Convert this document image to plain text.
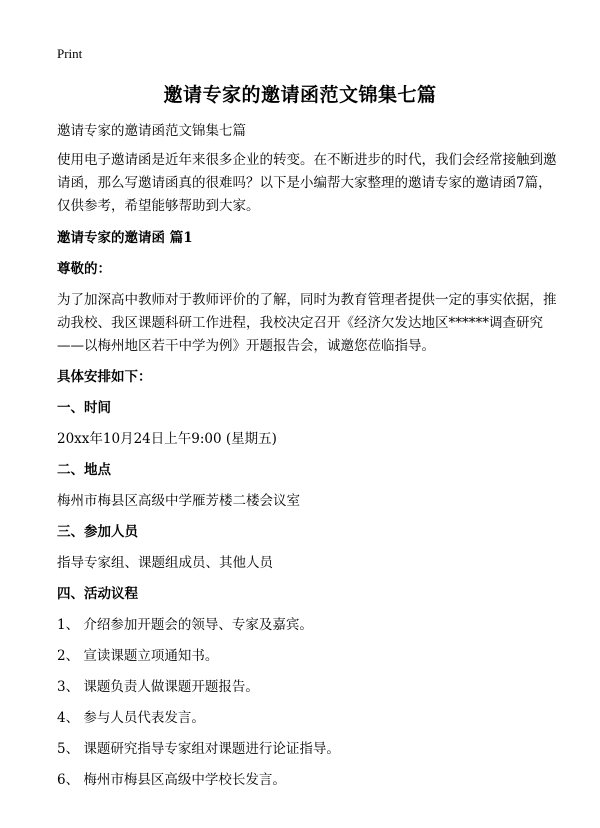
Print
邀请专家的邀请函范文锦集七篇

邀请专家的邀请函范文锦集七篇

使用电子邀请函是近年来很多企业的转变。在不断进步的时代，我们会经常接触到邀请函，那么写邀请函真的很难吗？以下是小编帮大家整理的邀请专家的邀请函7篇，仅供参考，希望能够帮助到大家。

邀请专家的邀请函 篇1

尊敬的：

为了加深高中教师对于教师评价的了解，同时为教育管理者提供一定的事实依据，推动我校、我区课题科研工作进程，我校决定召开《经济欠发达地区******调查研究——以梅州地区若干中学为例》开题报告会，诚邀您莅临指导。

具体安排如下：

一、时间

20xx年10月24日上午9:00 (星期五)

二、地点

梅州市梅县区高级中学雁芳楼二楼会议室

三、参加人员

指导专家组、课题组成员、其他人员

四、活动议程

1、 介绍参加开题会的领导、专家及嘉宾。

2、 宣读课题立项通知书。

3、 课题负责人做课题开题报告。

4、 参与人员代表发言。

5、 课题研究指导专家组对课题进行论证指导。

6、 梅州市梅县区高级中学校长发言。
